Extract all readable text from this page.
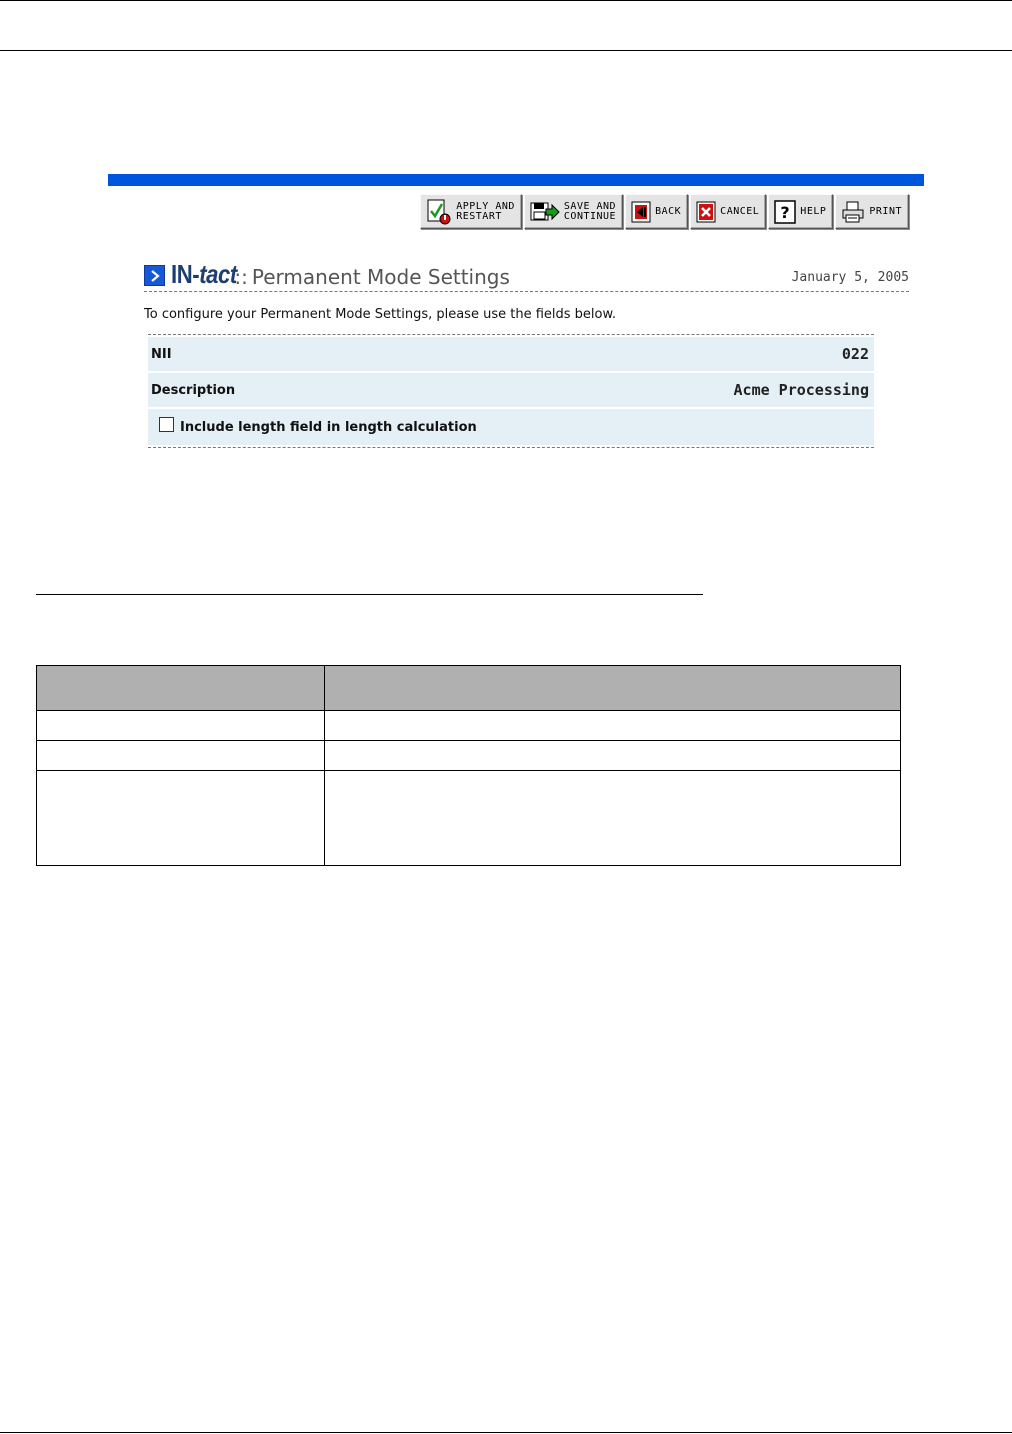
APPLY AND
RESTART
SAVE AND
CONTINUE	BACK	CANCEL ? HELP	PRINT
IN-tact
:: Permanent Mode Settings	January 5, 2005
To configure your Permanent Mode Settings, please use the fields below.
NII	022
Description	Acme Processing
Include length field in length calculation
